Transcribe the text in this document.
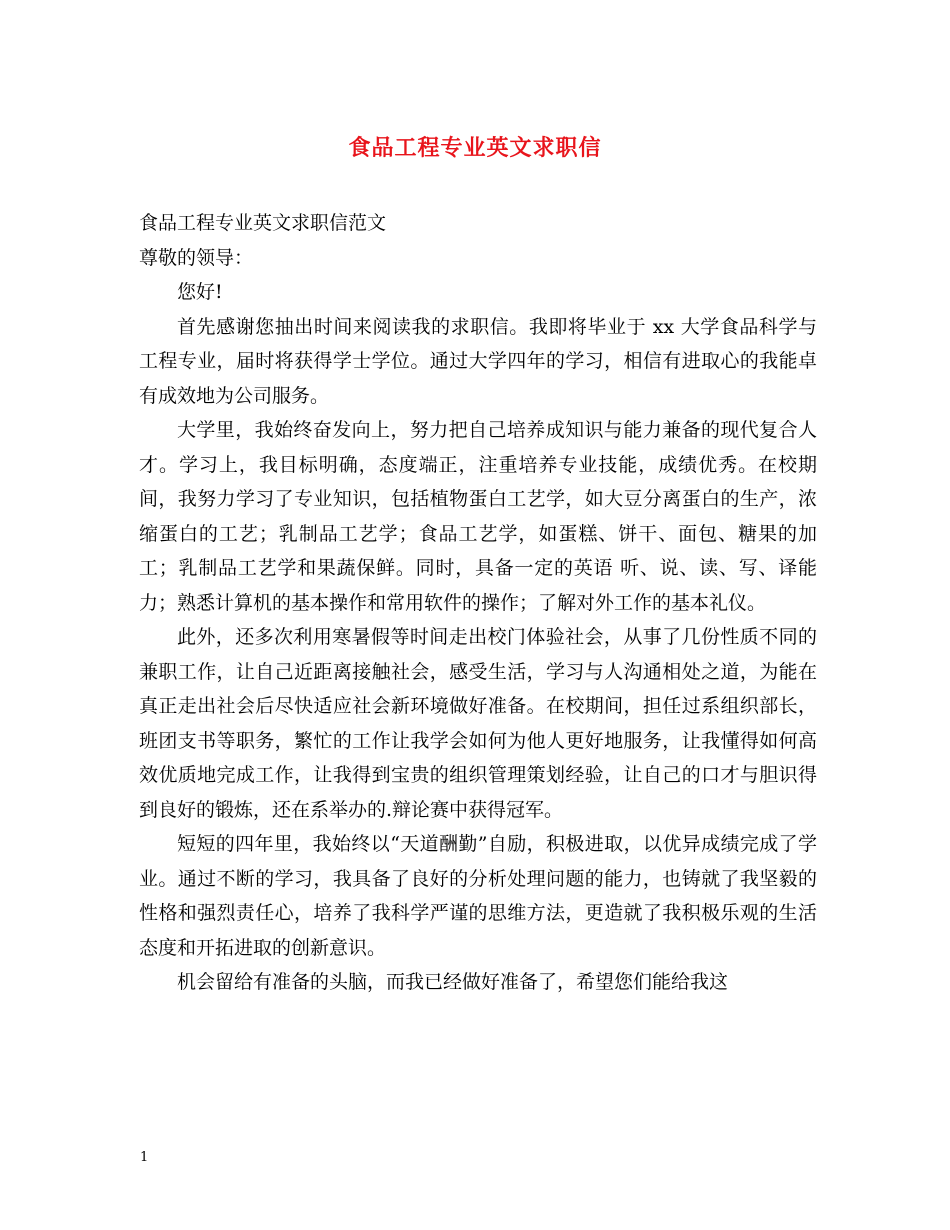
食品工程专业英文求职信

食品工程专业英文求职信范文

尊敬的领导：

您好!

首先感谢您抽出时间来阅读我的求职信。我即将毕业于 xx 大学食品科学与工程专业，届时将获得学士学位。通过大学四年的学习，相信有进取心的我能卓有成效地为公司服务。

大学里，我始终奋发向上，努力把自己培养成知识与能力兼备的现代复合人才。学习上，我目标明确，态度端正，注重培养专业技能，成绩优秀。在校期间，我努力学习了专业知识，包括植物蛋白工艺学，如大豆分离蛋白的生产，浓缩蛋白的工艺；乳制品工艺学；食品工艺学，如蛋糕、饼干、面包、糖果的加工；乳制品工艺学和果蔬保鲜。同时，具备一定的英语 听、说、读、写、译能力；熟悉计算机的基本操作和常用软件的操作；了解对外工作的基本礼仪。

此外，还多次利用寒暑假等时间走出校门体验社会，从事了几份性质不同的兼职工作，让自己近距离接触社会，感受生活，学习与人沟通相处之道，为能在真正走出社会后尽快适应社会新环境做好准备。在校期间，担任过系组织部长，班团支书等职务，繁忙的工作让我学会如何为他人更好地服务，让我懂得如何高效优质地完成工作，让我得到宝贵的组织管理策划经验，让自己的口才与胆识得到良好的锻炼，还在系举办的.辩论赛中获得冠军。

短短的四年里，我始终以“天道酬勤”自励，积极进取，以优异成绩完成了学业。通过不断的学习，我具备了良好的分析处理问题的能力，也铸就了我坚毅的性格和强烈责任心，培养了我科学严谨的思维方法，更造就了我积极乐观的生活态度和开拓进取的创新意识。

机会留给有准备的头脑，而我已经做好准备了，希望您们能给我这

1
